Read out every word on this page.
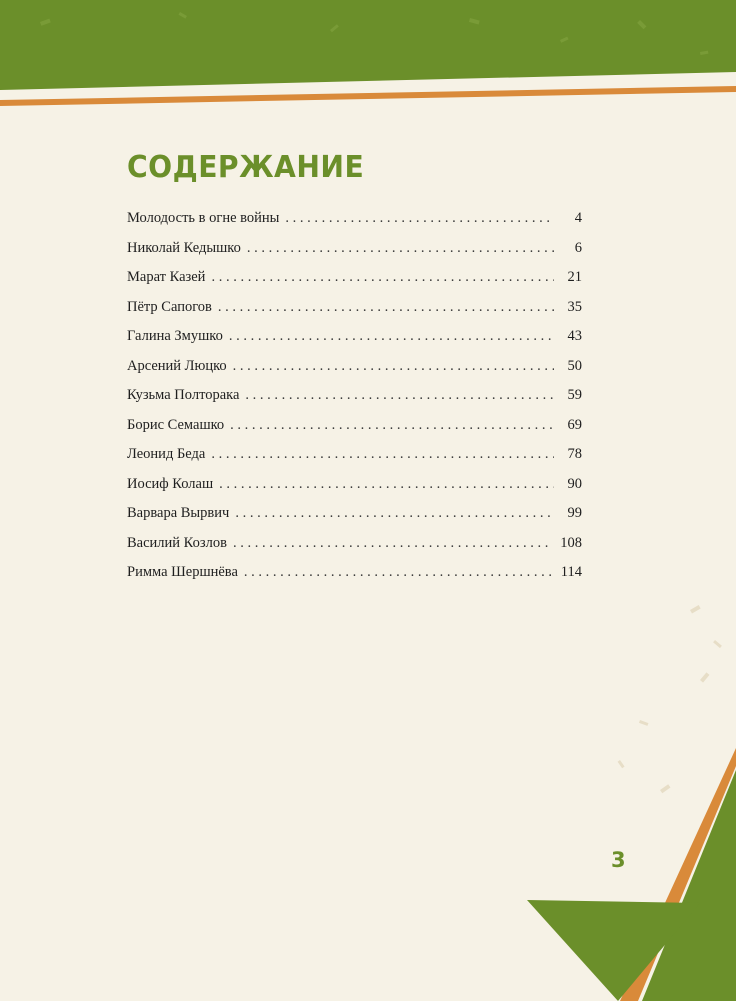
СОДЕРЖАНИЕ
Молодость в огне войны . . .	4
Николай Кедышко . . .	6
Марат Казей . . .	21
Пётр Сапогов . . .	35
Галина Змушко . . .	43
Арсений Люцко . . .	50
Кузьма Полторака . . .	59
Борис Семашко . . .	69
Леонид Беда . . .	78
Иосиф Колаш . . .	90
Варвара Вырвич . . .	99
Василий Козлов . . .	108
Римма Шершнёва . . .	114
3
